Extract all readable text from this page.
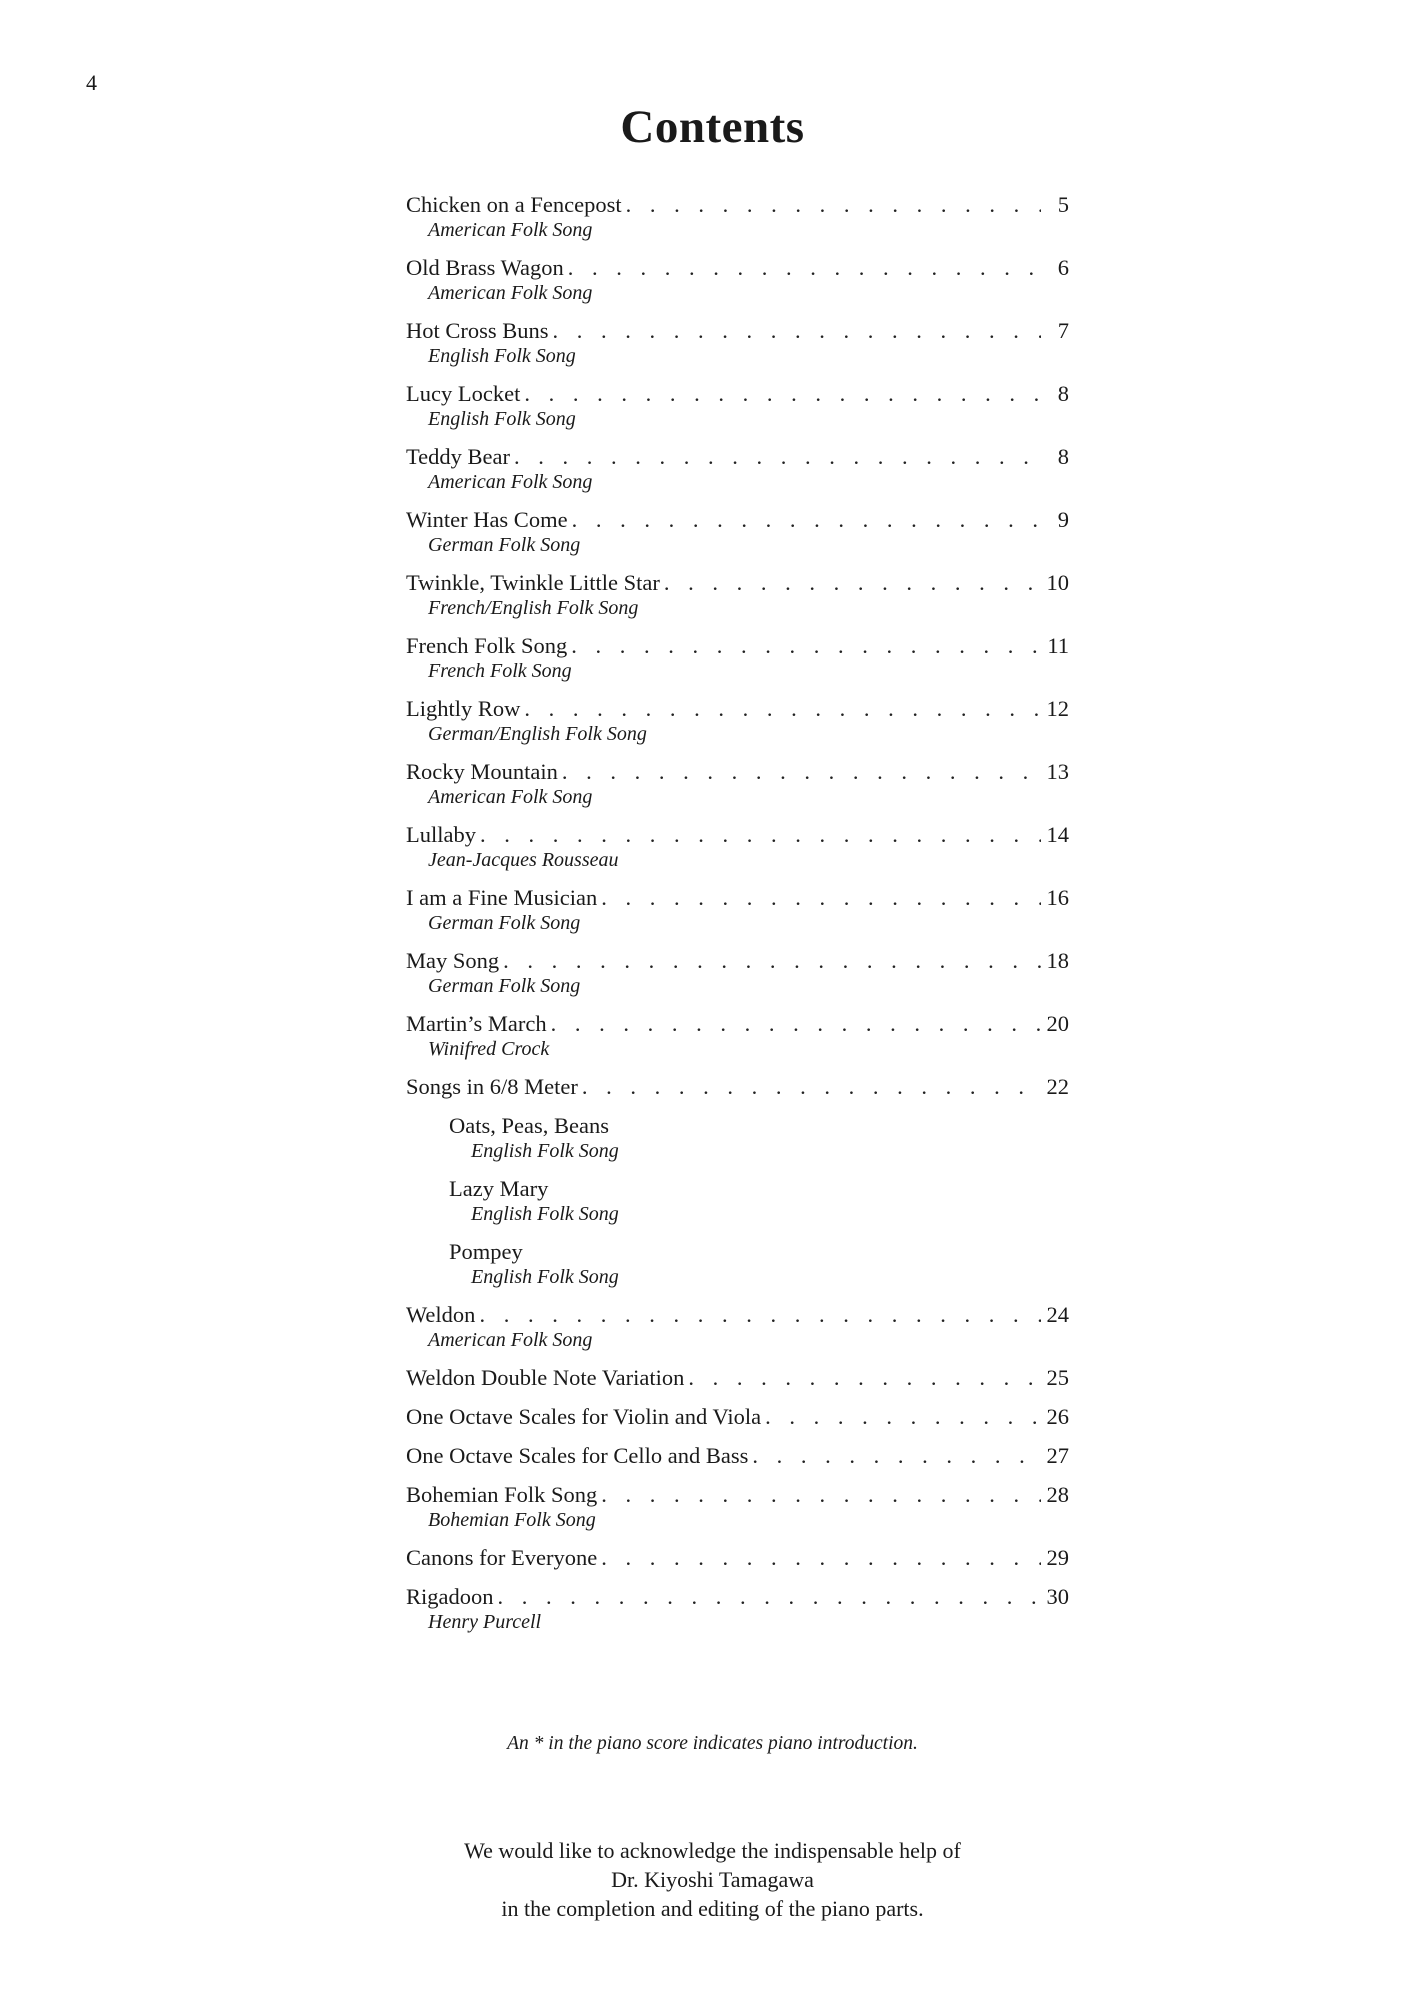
4
Contents
Chicken on a Fencepost . . .	5
American Folk Song
Old Brass Wagon . . .	6
American Folk Song
Hot Cross Buns . . .	7
English Folk Song
Lucy Locket . . .	8
English Folk Song
Teddy Bear . . .	8
American Folk Song
Winter Has Come . . .	9
German Folk Song
Twinkle, Twinkle Little Star . . .	10
French/English Folk Song
French Folk Song . . .	11
French Folk Song
Lightly Row . . .	12
German/English Folk Song
Rocky Mountain . . .	13
American Folk Song
Lullaby . . .	14
Jean-Jacques Rousseau
I am a Fine Musician . . .	16
German Folk Song
May Song . . .	18
German Folk Song
Martin’s March . . .	20
Winifred Crock
Songs in 6/8 Meter . . .	22
Oats, Peas, Beans
English Folk Song
Lazy Mary
English Folk Song
Pompey
English Folk Song
Weldon . . .	24
American Folk Song
Weldon Double Note Variation . . .	25
One Octave Scales for Violin and Viola . . .	26
One Octave Scales for Cello and Bass . . .	27
Bohemian Folk Song . . .	28
Bohemian Folk Song
Canons for Everyone . . .	29
Rigadoon . . .	30
Henry Purcell
An * in the piano score indicates piano introduction.
We would like to acknowledge the indispensable help of
Dr. Kiyoshi Tamagawa
in the completion and editing of the piano parts.
